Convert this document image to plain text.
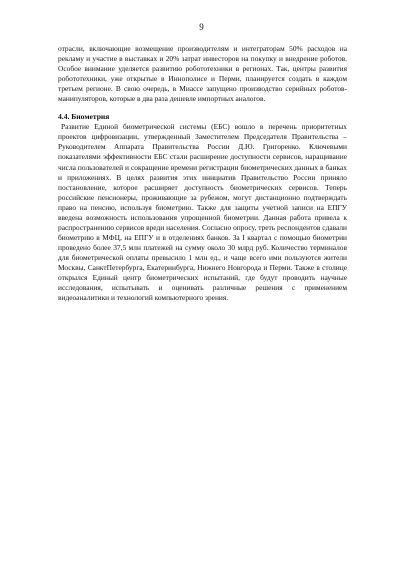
9

отрасли, включающие возмещение производителям и интеграторам 50% расходов на рекламу и участие в выставках и 20% затрат инвесторов на покупку и внедрение роботов. Особое внимание уделяется развитию робототехники в регионах. Так, центры развития робототехники, уже открытые в Иннополисе и Перми, планируется создать в каждом третьем регионе. В свою очередь, в Миассе запущено производство серийных роботов-манипуляторов, которые в два раза дешевле импортных аналогов.

4.4. Биометрия

Развитие Единой биометрической системы (ЕБС) вошло в перечень приоритетных проектов цифровизации, утвержденный Заместителем Председателя Правительства – Руководителем Аппарата Правительства России Д.Ю. Григоренко. Ключевыми показателями эффективности ЕБС стали расширение доступности сервисов, наращивание числа пользователей и сокращение времени регистрации биометрических данных в банках и приложениях. В целях развития этих инициатив Правительство России приняло постановление, которое расширяет доступность биометрических сервисов. Теперь российские пенсионеры, проживающие за рубежом, могут дистанционно подтверждать право на пенсию, используя биометрию. Также для защиты учетной записи на ЕПГУ введена возможность использования упрощенной биометрии. Данная работа привела к распространению сервисов вреди населения. Согласно опросу, треть респондентов сдавали биометрию в МФЦ, на ЕПГУ и в отделениях банков. За I квартал с помощью биометрии проведено более 37,5 млн платежей на сумму около 30 млрд руб. Количество терминалов для биометрической оплаты превысило 1 млн ед., и чаще всего ими пользуются жители Москвы, СанктПетербурга, Екатеринбурга, Нижнего Новгорода и Перми. Также в столице открылся Единый центр биометрических испытаний, где будут проводить научные исследования, испытывать и оценивать различные решения с применением видеоаналитики и технологий компьютерного зрения.
